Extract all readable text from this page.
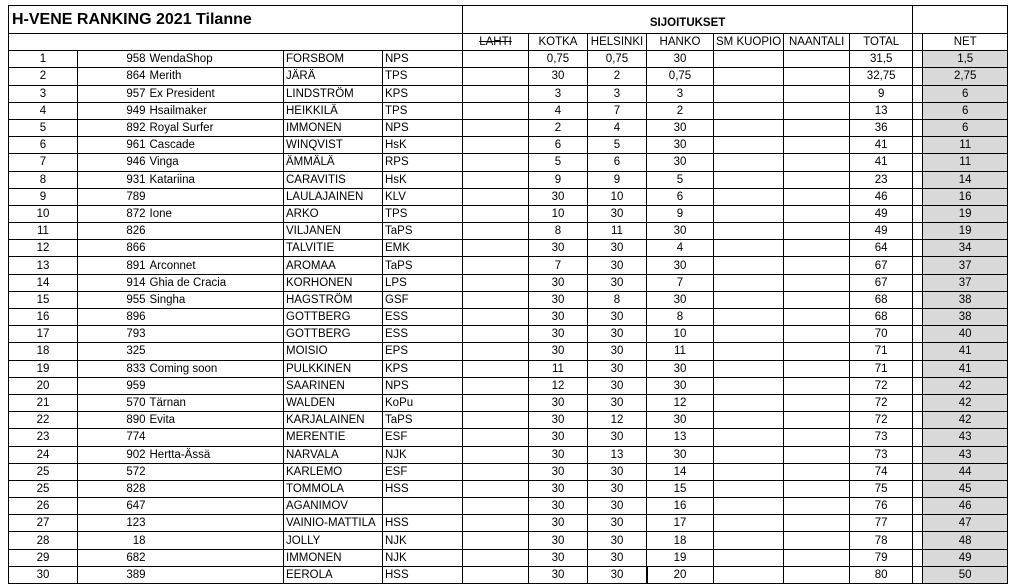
H-VENE RANKING 2021 Tilanne					SIJOITUKSET								
					LAHTI	KOTKA	HELSINKI	HANKO	SM KUOPIO	NAANTALI	TOTAL		NET
1	958	WendaShop	FORSBOM	NPS		0,75	0,75	30			31,5		1,5
2	864	Merith	JÄRÄ	TPS		30	2	0,75			32,75		2,75
3	957	Ex President	LINDSTRÖM	KPS		3	3	3			9		6
4	949	Hsailmaker	HEIKKILÄ	TPS		4	7	2			13		6
5	892	Royal Surfer	IMMONEN	NPS		2	4	30			36		6
6	961	Cascade	WINQVIST	HsK		6	5	30			41		11
7	946	Vinga	ÄMMÄLÄ	RPS		5	6	30			41		11
8	931	Katariina	CARAVITIS	HsK		9	9	5			23		14
9	789		LAULAJAINEN	KLV		30	10	6			46		16
10	872	Ione	ARKO	TPS		10	30	9			49		19
11	826		VILJANEN	TaPS		8	11	30			49		19
12	866		TALVITIE	EMK		30	30	4			64		34
13	891	Arconnet	AROMAA	TaPS		7	30	30			67		37
14	914	Ghia de Cracia	KORHONEN	LPS		30	30	7			67		37
15	955	Singha	HAGSTRÖM	GSF		30	8	30			68		38
16	896		GOTTBERG	ESS		30	30	8			68		38
17	793		GOTTBERG	ESS		30	30	10			70		40
18	325		MOISIO	EPS		30	30	11			71		41
19	833	Coming soon	PULKKINEN	KPS		11	30	30			71		41
20	959		SAARINEN	NPS		12	30	30			72		42
21	570	Tärnan	WALDEN	KoPu		30	30	12			72		42
22	890	Evita	KARJALAINEN	TaPS		30	12	30			72		42
23	774		MERENTIE	ESF		30	30	13			73		43
24	902	Hertta-Ässä	NARVALA	NJK		30	13	30			73		43
25	572		KARLEMO	ESF		30	30	14			74		44
25	828		TOMMOLA	HSS		30	30	15			75		45
26	647		AGANIMOV			30	30	16			76		46
27	123		VAINIO-MATTILA	HSS		30	30	17			77		47
28	18		JOLLY	NJK		30	30	18			78		48
29	682		IMMONEN	NJK		30	30	19			79		49
30	389		EEROLA	HSS		30	30	20			80		50
